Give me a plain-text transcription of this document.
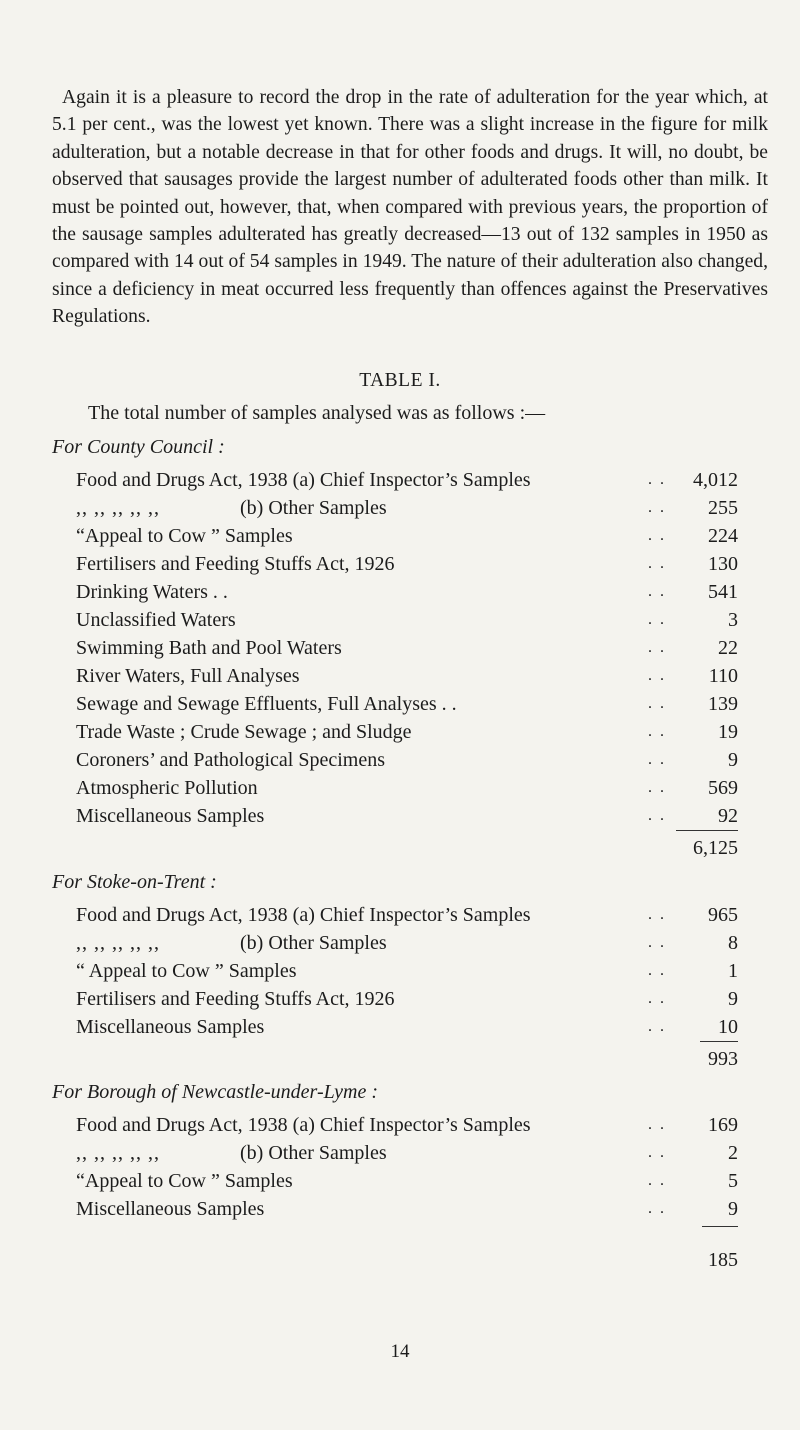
Again it is a pleasure to record the drop in the rate of adulteration for the year which, at 5.1 per cent., was the lowest yet known. There was a slight increase in the figure for milk adulteration, but a notable decrease in that for other foods and drugs. It will, no doubt, be observed that sausages provide the largest number of adulterated foods other than milk. It must be pointed out, however, that, when compared with previous years, the proportion of the sausage samples adulterated has greatly decreased—13 out of 132 samples in 1950 as compared with 14 out of 54 samples in 1949. The nature of their adulteration also changed, since a deficiency in meat occurred less frequently than offences against the Preservatives Regulations.

TABLE I.
The total number of samples analysed was as follows :—
For County Council :
Food and Drugs Act, 1938 (a) Chief Inspector’s Samples	. . 4,012
,, ,, ,, ,, ,,	(b) Other Samples	. . 255
“Appeal to Cow ” Samples	. . 224
Fertilisers and Feeding Stuffs Act, 1926	. . 130
Drinking Waters . .	. . 541
Unclassified Waters	. .	3
Swimming Bath and Pool Waters	. .	22
River Waters, Full Analyses	. . 110
Sewage and Sewage Effluents, Full Analyses . .	. . 139
Trade Waste ; Crude Sewage ; and Sludge	. .	19
Coroners’ and Pathological Specimens	. .	9
Atmospheric Pollution	. . 569
Miscellaneous Samples	. .	92
6,125
For Stoke-on-Trent :
Food and Drugs Act, 1938 (a) Chief Inspector’s Samples	. . 965
,, ,, ,, ,, ,,	(b) Other Samples	. .	8
“ Appeal to Cow ” Samples	. .	1
Fertilisers and Feeding Stuffs Act, 1926	. .	9
Miscellaneous Samples	. .	10
993
For Borough of Newcastle-under-Lyme :
Food and Drugs Act, 1938 (a) Chief Inspector’s Samples	. . 169
,, ,, ,, ,, ,,	(b) Other Samples	. .	2
“Appeal to Cow ” Samples	. .	5
Miscellaneous Samples	. .	9
185
14
